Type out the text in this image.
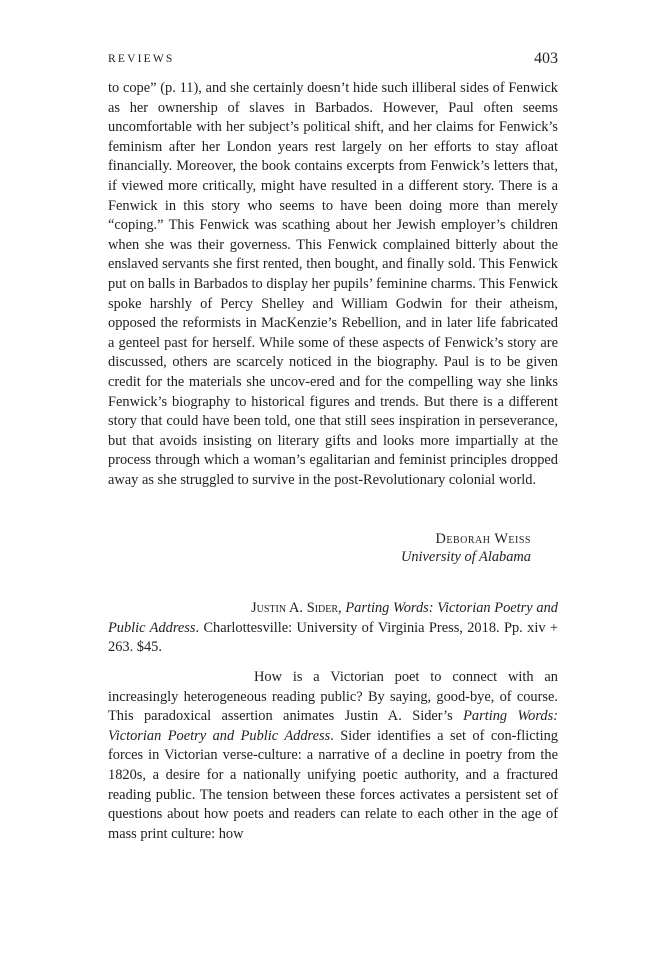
REVIEWS	403

to cope” (p. 11), and she certainly doesn’t hide such illiberal sides of Fenwick as her ownership of slaves in Barbados. However, Paul often seems uncomfortable with her subject’s political shift, and her claims for Fenwick’s feminism after her London years rest largely on her efforts to stay afloat financially. Moreover, the book contains excerpts from Fenwick’s letters that, if viewed more critically, might have resulted in a different story. There is a Fenwick in this story who seems to have been doing more than merely “coping.” This Fenwick was scathing about her Jewish employer’s children when she was their governess. This Fenwick complained bitterly about the enslaved servants she first rented, then bought, and finally sold. This Fenwick put on balls in Barbados to display her pupils’ feminine charms. This Fenwick spoke harshly of Percy Shelley and William Godwin for their atheism, opposed the reformists in MacKenzie’s Rebellion, and in later life fabricated a genteel past for herself. While some of these aspects of Fenwick’s story are discussed, others are scarcely noticed in the biography. Paul is to be given credit for the materials she uncov-ered and for the compelling way she links Fenwick’s biography to historical figures and trends. But there is a different story that could have been told, one that still sees inspiration in perseverance, but that avoids insisting on literary gifts and looks more impartially at the process through which a woman’s egalitarian and feminist principles dropped away as she struggled to survive in the post-Revolutionary colonial world.

Deborah Weiss
University of Alabama
Justin A. Sider, Parting Words: Victorian Poetry and Public Address. Charlottesville: University of Virginia Press, 2018. Pp. xiv + 263. $45.
How is a Victorian poet to connect with an increasingly heterogeneous reading public? By saying, good-bye, of course. This paradoxical assertion animates Justin A. Sider’s Parting Words: Victorian Poetry and Public Address. Sider identifies a set of con-flicting forces in Victorian verse-culture: a narrative of a decline in poetry from the 1820s, a desire for a nationally unifying poetic authority, and a fractured reading public. The tension between these forces activates a persistent set of questions about how poets and readers can relate to each other in the age of mass print culture: how
